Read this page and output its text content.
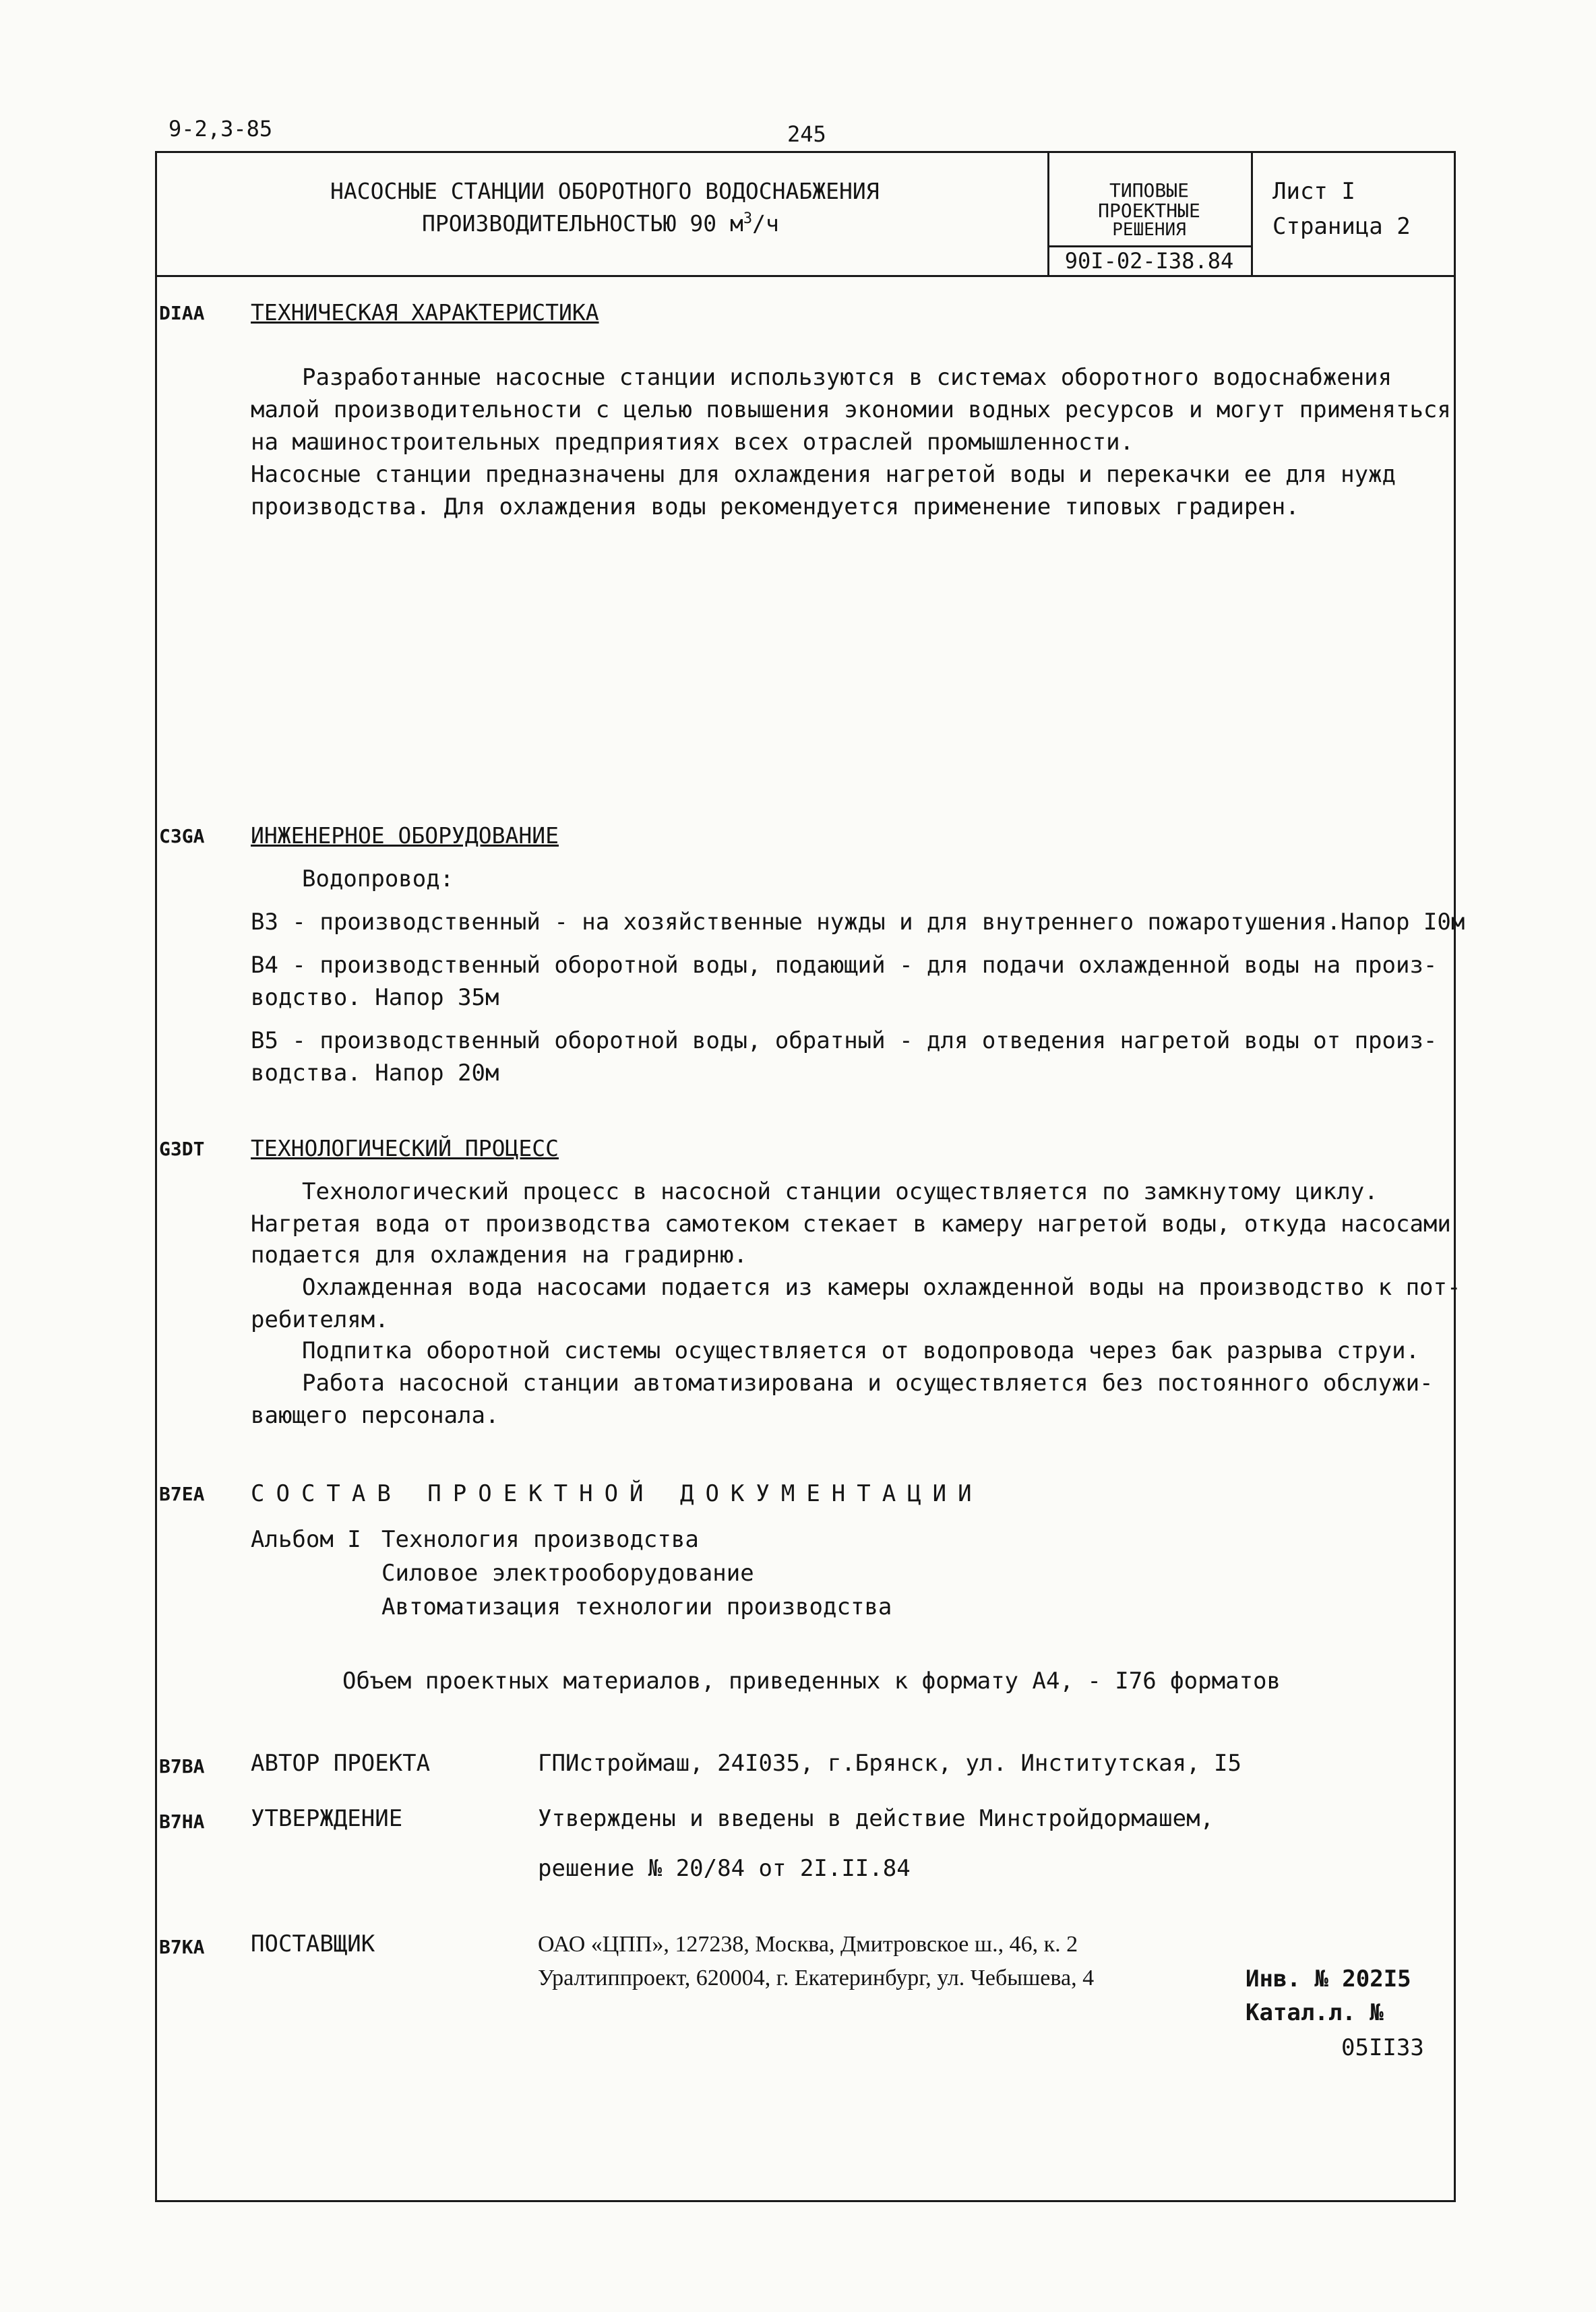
9-2,3-85	245
НАСОСНЫЕ СТАНЦИИ ОБОРОТНОГО ВОДОСНАБЖЕНИЯ
ПРОИЗВОДИТЕЛЬНОСТЬЮ 90 $м^3/ч$
ТИПОВЫЕ
ПРОЕКТНЫЕ
РЕШЕНИЯ
90I-02-I38.84
Лист I
Страница 2
DIAA ТЕХНИЧЕСКАЯ ХАРАКТЕРИСТИКА
Разработанные насосные станции используются в системах оборотного водоснабжения
малой производительности с целью повышения экономии водных ресурсов и могут применяться
на машиностроительных предприятиях всех отраслей промышленности.
Насосные станции предназначены для охлаждения нагретой воды и перекачки ее для нужд
производства. Для охлаждения воды рекомендуется применение типовых градирен.
C3GA ИНЖЕНЕРНОЕ ОБОРУДОВАНИЕ
Водопровод:
В3 - производственный - на хозяйственные нужды и для внутреннего пожаротушения.Напор I0м
В4 - производственный оборотной воды, подающий - для подачи охлажденной воды на произ-
водство. Напор 35м
В5 - производственный оборотной воды, обратный - для отведения нагретой воды от произ-
водства. Напор 20м
G3DT ТЕХНОЛОГИЧЕСКИЙ ПРОЦЕСС
Технологический процесс в насосной станции осуществляется по замкнутому циклу.
Нагретая вода от производства самотеком стекает в камеру нагретой воды, откуда насосами
подается для охлаждения на градирню.
Охлажденная вода насосами подается из камеры охлажденной воды на производство к пот-
ребителям.
Подпитка оборотной системы осуществляется от водопровода через бак разрыва струи.
Работа насосной станции автоматизирована и осуществляется без постоянного обслужи-
вающего персонала.
B7EA СОСТАВ ПРОЕКТНОЙ ДОКУМЕНТАЦИИ
Альбом I Технология производства
Силовое электрооборудование
Автоматизация технологии производства
Объем проектных материалов, приведенных к формату А4, - I76 форматов
B7BA АВТОР ПРОЕКТА	ГПИстроймаш, 24I035, г.Брянск, ул. Институтская, I5
B7HA УТВЕРЖДЕНИЕ	Утверждены и введены в действие Минстройдормашем,
решение № 20/84 от 2I.II.84
B7KA ПОСТАВЩИК	ОАО «ЦПП», 127238, Москва, Дмитровское ш., 46, к. 2
Уралтиппроект, 620004, г. Екатеринбург, ул. Чебышева, 4	Инв. № 202I5
Катал.л. №
05II33
